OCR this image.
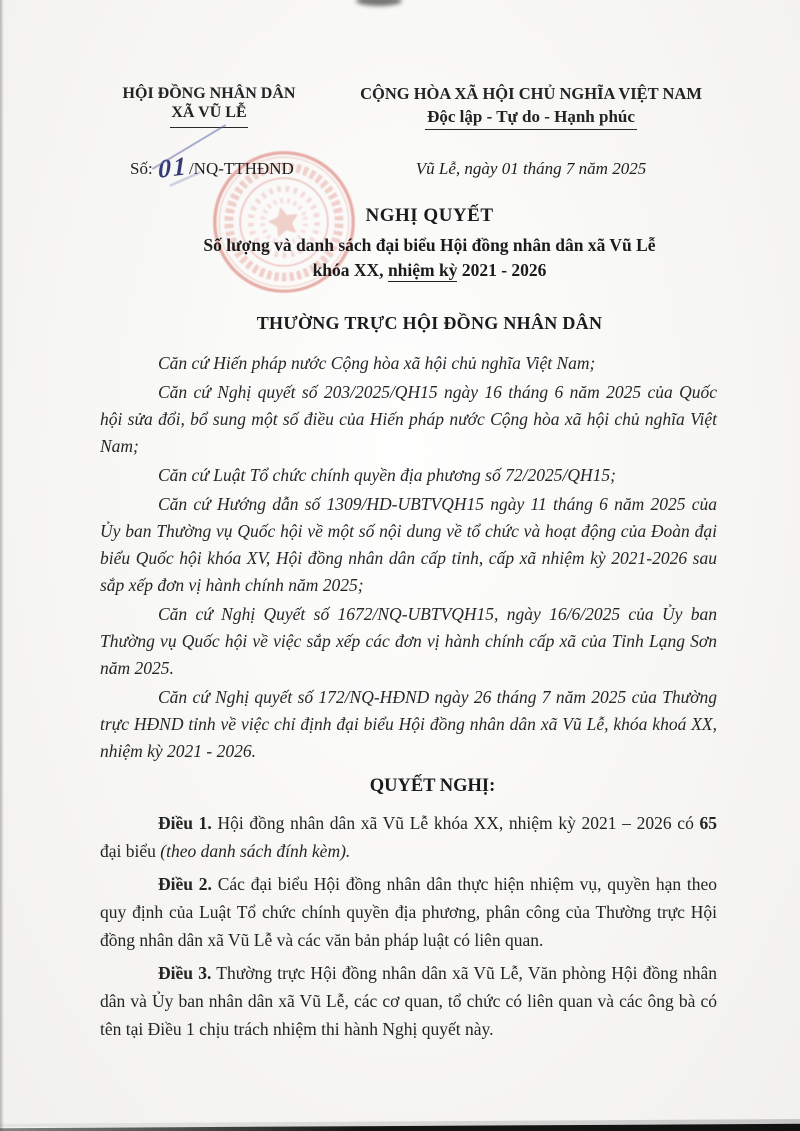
HỘI ĐỒNG NHÂN DÂN
XÃ VŨ LỄ
CỘNG HÒA XÃ HỘI CHỦ NGHĨA VIỆT NAM
Độc lập - Tự do - Hạnh phúc
Số: 01/NQ-TTHĐND	Vũ Lễ, ngày 01 tháng 7 năm 2025
NGHỊ QUYẾT
Số lượng và danh sách đại biểu Hội đồng nhân dân xã Vũ Lễ
khóa XX, nhiệm kỳ 2021 - 2026
THƯỜNG TRỰC HỘI ĐỒNG NHÂN DÂN

Căn cứ Hiến pháp nước Cộng hòa xã hội chủ nghĩa Việt Nam;

Căn cứ Nghị quyết số 203/2025/QH15 ngày 16 tháng 6 năm 2025 của Quốc hội sửa đổi, bổ sung một số điều của Hiến pháp nước Cộng hòa xã hội chủ nghĩa Việt Nam;

Căn cứ Luật Tổ chức chính quyền địa phương số 72/2025/QH15;

Căn cứ Hướng dẫn số 1309/HD-UBTVQH15 ngày 11 tháng 6 năm 2025 của Ủy ban Thường vụ Quốc hội về một số nội dung về tổ chức và hoạt động của Đoàn đại biểu Quốc hội khóa XV, Hội đồng nhân dân cấp tỉnh, cấp xã nhiệm kỳ 2021-2026 sau sắp xếp đơn vị hành chính năm 2025;

Căn cứ Nghị Quyết số 1672/NQ-UBTVQH15, ngày 16/6/2025 của Ủy ban Thường vụ Quốc hội về việc sắp xếp các đơn vị hành chính cấp xã của Tỉnh Lạng Sơn năm 2025.

Căn cứ Nghị quyết số 172/NQ-HĐND ngày 26 tháng 7 năm 2025 của Thường trực HĐND tỉnh về việc chỉ định đại biểu Hội đồng nhân dân xã Vũ Lễ, khóa khoá XX, nhiệm kỳ 2021 - 2026.

QUYẾT NGHỊ:

Điều 1. Hội đồng nhân dân xã Vũ Lễ khóa XX, nhiệm kỳ 2021 – 2026 có 65 đại biểu (theo danh sách đính kèm).

Điều 2. Các đại biểu Hội đồng nhân dân thực hiện nhiệm vụ, quyền hạn theo quy định của Luật Tổ chức chính quyền địa phương, phân công của Thường trực Hội đồng nhân dân xã Vũ Lễ và các văn bản pháp luật có liên quan.

Điều 3. Thường trực Hội đồng nhân dân xã Vũ Lễ, Văn phòng Hội đồng nhân dân và Ủy ban nhân dân xã Vũ Lễ, các cơ quan, tổ chức có liên quan và các ông bà có tên tại Điều 1 chịu trách nhiệm thi hành Nghị quyết này.
